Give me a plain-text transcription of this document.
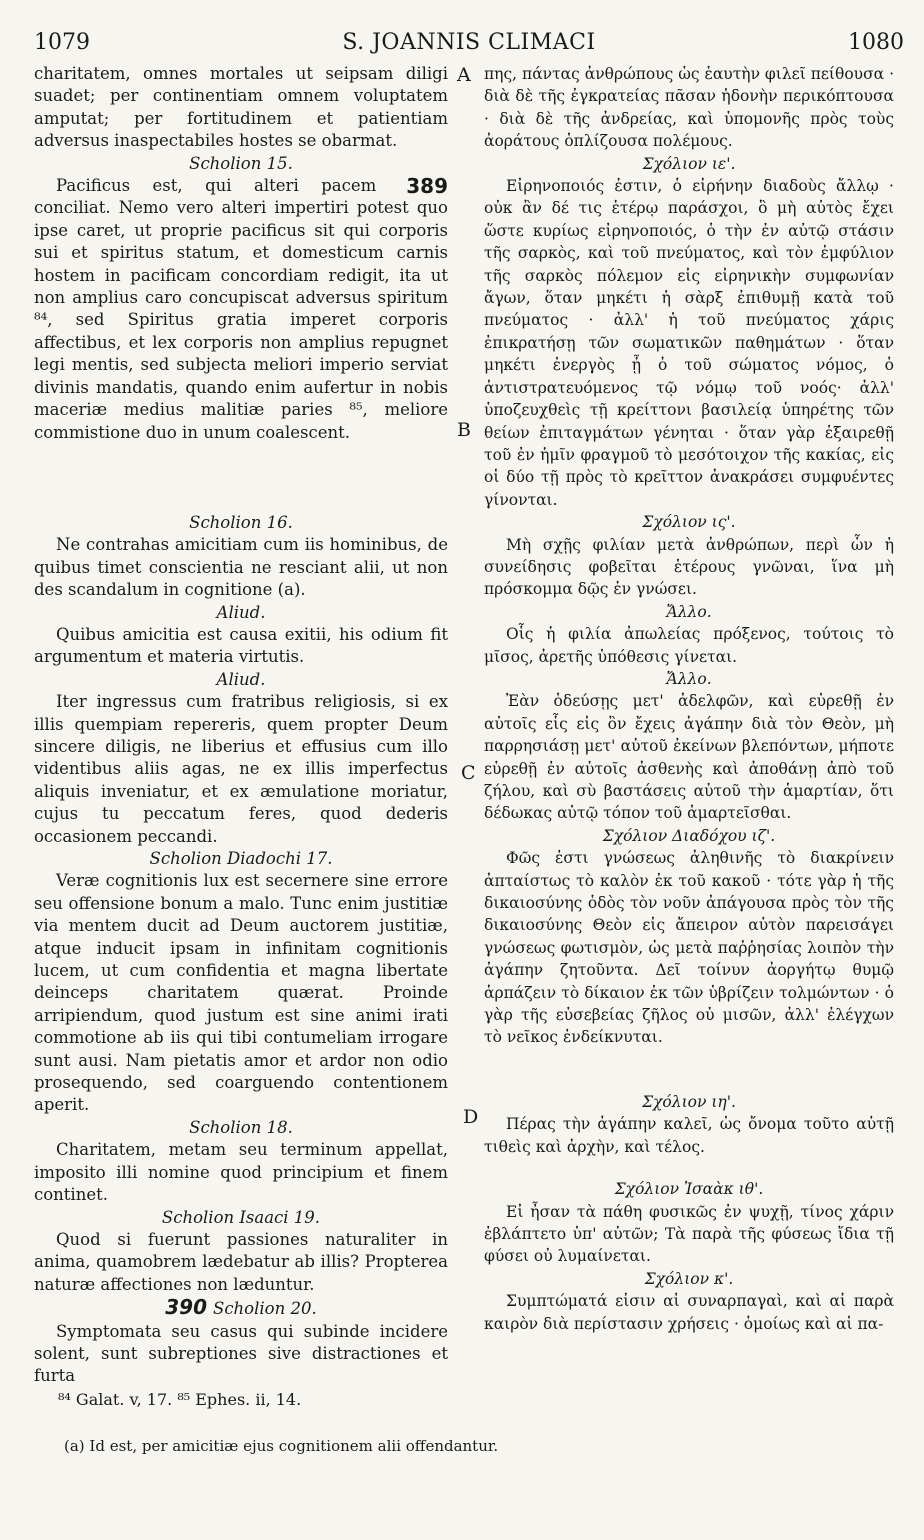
1079	S. JOANNIS CLIMACI	1080
A
B
C
D

charitatem, omnes mortales ut seipsam diligi suadet; per continentiam omnem voluptatem amputat; per fortitudinem et patientiam adversus inaspectabiles hostes se obarmat.

Scholion 15.

389
Pacificus est, qui alteri pacem conciliat. Nemo vero alteri impertiri potest quo ipse caret, ut proprie pacificus sit qui corporis sui et spiritus statum, et domesticum carnis hostem in pacificam concordiam redigit, ita ut non amplius caro concupiscat adversus spiritum ⁸⁴, sed Spiritus gratia imperet corporis affectibus, et lex corporis non amplius repugnet legi mentis, sed subjecta meliori imperio serviat divinis mandatis, quando enim aufertur in nobis maceriæ medius malitiæ paries ⁸⁵, meliore commistione duo in unum coalescent.

Scholion 16.

Ne contrahas amicitiam cum iis hominibus, de quibus timet conscientia ne resciant alii, ut non des scandalum in cognitione (a).

Aliud.

Quibus amicitia est causa exitii, his odium fit argumentum et materia virtutis.

Aliud.

Iter ingressus cum fratribus religiosis, si ex illis quempiam repereris, quem propter Deum sincere diligis, ne liberius et effusius cum illo videntibus aliis agas, ne ex illis imperfectus aliquis inveniatur, et ex æmulatione moriatur, cujus tu peccatum feres, quod dederis occasionem peccandi.

Scholion Diadochi 17.

Veræ cognitionis lux est secernere sine errore seu offensione bonum a malo. Tunc enim justitiæ via mentem ducit ad Deum auctorem justitiæ, atque inducit ipsam in infinitam cognitionis lucem, ut cum confidentia et magna libertate deinceps charitatem quærat. Proinde arripiendum, quod justum est sine animi irati commotione ab iis qui tibi contumeliam irrogare sunt ausi. Nam pietatis amor et ardor non odio prosequendo, sed coarguendo contentionem aperit.

Scholion 18.

Charitatem, metam seu terminum appellat, imposito illi nomine quod principium et finem continet.

Scholion Isaaci 19.

Quod si fuerunt passiones naturaliter in anima, quamobrem lædebatur ab illis? Propterea naturæ affectiones non læduntur.

390 Scholion 20.

Symptomata seu casus qui subinde incidere solent, sunt subreptiones sive distractiones et furta

πης, πάντας ἀνθρώπους ὡς ἑαυτὴν φιλεῖ πείθουσα · διὰ δὲ τῆς ἐγκρατείας πᾶσαν ἡδονὴν περικόπτουσα · διὰ δὲ τῆς ἀνδρείας, καὶ ὑπομονῆς πρὸς τοὺς ἀοράτους ὁπλίζουσα πολέμους.

Σχόλιον ιε'.

Εἰρηνοποιός ἐστιν, ὁ εἰρήνην διαδοὺς ἄλλῳ · οὐκ ἂν δέ τις ἑτέρῳ παράσχοι, ὃ μὴ αὐτὸς ἔχει ὥστε κυρίως εἰρηνοποιός, ὁ τὴν ἐν αὐτῷ στάσιν τῆς σαρκὸς, καὶ τοῦ πνεύματος, καὶ τὸν ἐμφύλιον τῆς σαρκὸς πόλεμον εἰς εἰρηνικὴν συμφωνίαν ἄγων, ὅταν μηκέτι ἡ σὰρξ ἐπιθυμῇ κατὰ τοῦ πνεύματος · ἀλλ' ἡ τοῦ πνεύματος χάρις ἐπικρατήσῃ τῶν σωματικῶν παθημάτων · ὅταν μηκέτι ἐνεργὸς ᾖ ὁ τοῦ σώματος νόμος, ὁ ἀντιστρατευόμενος τῷ νόμῳ τοῦ νοός· ἀλλ' ὑποζευχθεὶς τῇ κρείττονι βασιλείᾳ ὑπηρέτης τῶν θείων ἐπιταγμάτων γένηται · ὅταν γὰρ ἐξαιρεθῇ τοῦ ἐν ἡμῖν φραγμοῦ τὸ μεσότοιχον τῆς κακίας, εἰς οἱ δύο τῇ πρὸς τὸ κρεῖττον ἀνακράσει συμφυέντες γίνονται.

Σχόλιον ις'.

Μὴ σχῇς φιλίαν μετὰ ἀνθρώπων, περὶ ὧν ἡ συνείδησις φοβεῖται ἑτέρους γνῶναι, ἵνα μὴ πρόσκομμα δῷς ἐν γνώσει.

Ἄλλο.

Οἷς ἡ φιλία ἀπωλείας πρόξενος, τούτοις τὸ μῖσος, ἀρετῆς ὑπόθεσις γίνεται.

Ἄλλο.

Ἐὰν ὁδεύσῃς μετ' ἀδελφῶν, καὶ εὑρεθῇ ἐν αὐτοῖς εἷς εἰς ὃν ἔχεις ἀγάπην διὰ τὸν Θεὸν, μὴ παρρησιάσῃ μετ' αὐτοῦ ἐκείνων βλεπόντων, μήποτε εὑρεθῇ ἐν αὐτοῖς ἀσθενὴς καὶ ἀποθάνῃ ἀπὸ τοῦ ζήλου, καὶ σὺ βαστάσεις αὐτοῦ τὴν ἁμαρτίαν, ὅτι δέδωκας αὐτῷ τόπον τοῦ ἁμαρτεῖσθαι.

Σχόλιον Διαδόχου ιζ'.

Φῶς ἐστι γνώσεως ἀληθινῆς τὸ διακρίνειν ἀπταίστως τὸ καλὸν ἐκ τοῦ κακοῦ · τότε γὰρ ἡ τῆς δικαιοσύνης ὁδὸς τὸν νοῦν ἀπάγουσα πρὸς τὸν τῆς δικαιοσύνης Θεὸν εἰς ἄπειρον αὐτὸν παρεισάγει γνώσεως φωτισμὸν, ὡς μετὰ παῤῥησίας λοιπὸν τὴν ἀγάπην ζητοῦντα. Δεῖ τοίνυν ἀοργήτῳ θυμῷ ἁρπάζειν τὸ δίκαιον ἐκ τῶν ὑβρίζειν τολμώντων · ὁ γὰρ τῆς εὐσεβείας ζῆλος οὐ μισῶν, ἀλλ' ἐλέγχων τὸ νεῖκος ἐνδείκνυται.

Σχόλιον ιη'.

Πέρας τὴν ἀγάπην καλεῖ, ὡς ὄνομα τοῦτο αὐτῇ τιθεὶς καὶ ἀρχὴν, καὶ τέλος.

Σχόλιον Ἰσαὰκ ιθ'.

Εἰ ἦσαν τὰ πάθη φυσικῶς ἐν ψυχῇ, τίνος χάριν ἐβλάπτετο ὑπ' αὐτῶν; Τὰ παρὰ τῆς φύσεως ἴδια τῇ φύσει οὐ λυμαίνεται.

Σχόλιον κ'.

Συμπτώματά εἰσιν αἱ συναρπαγαὶ, καὶ αἱ παρὰ καιρὸν διὰ περίστασιν χρήσεις · ὁμοίως καὶ αἱ πα-

⁸⁴ Galat. v, 17. ⁸⁵ Ephes. ii, 14.
(a) Id est, per amicitiæ ejus cognitionem alii offendantur.
